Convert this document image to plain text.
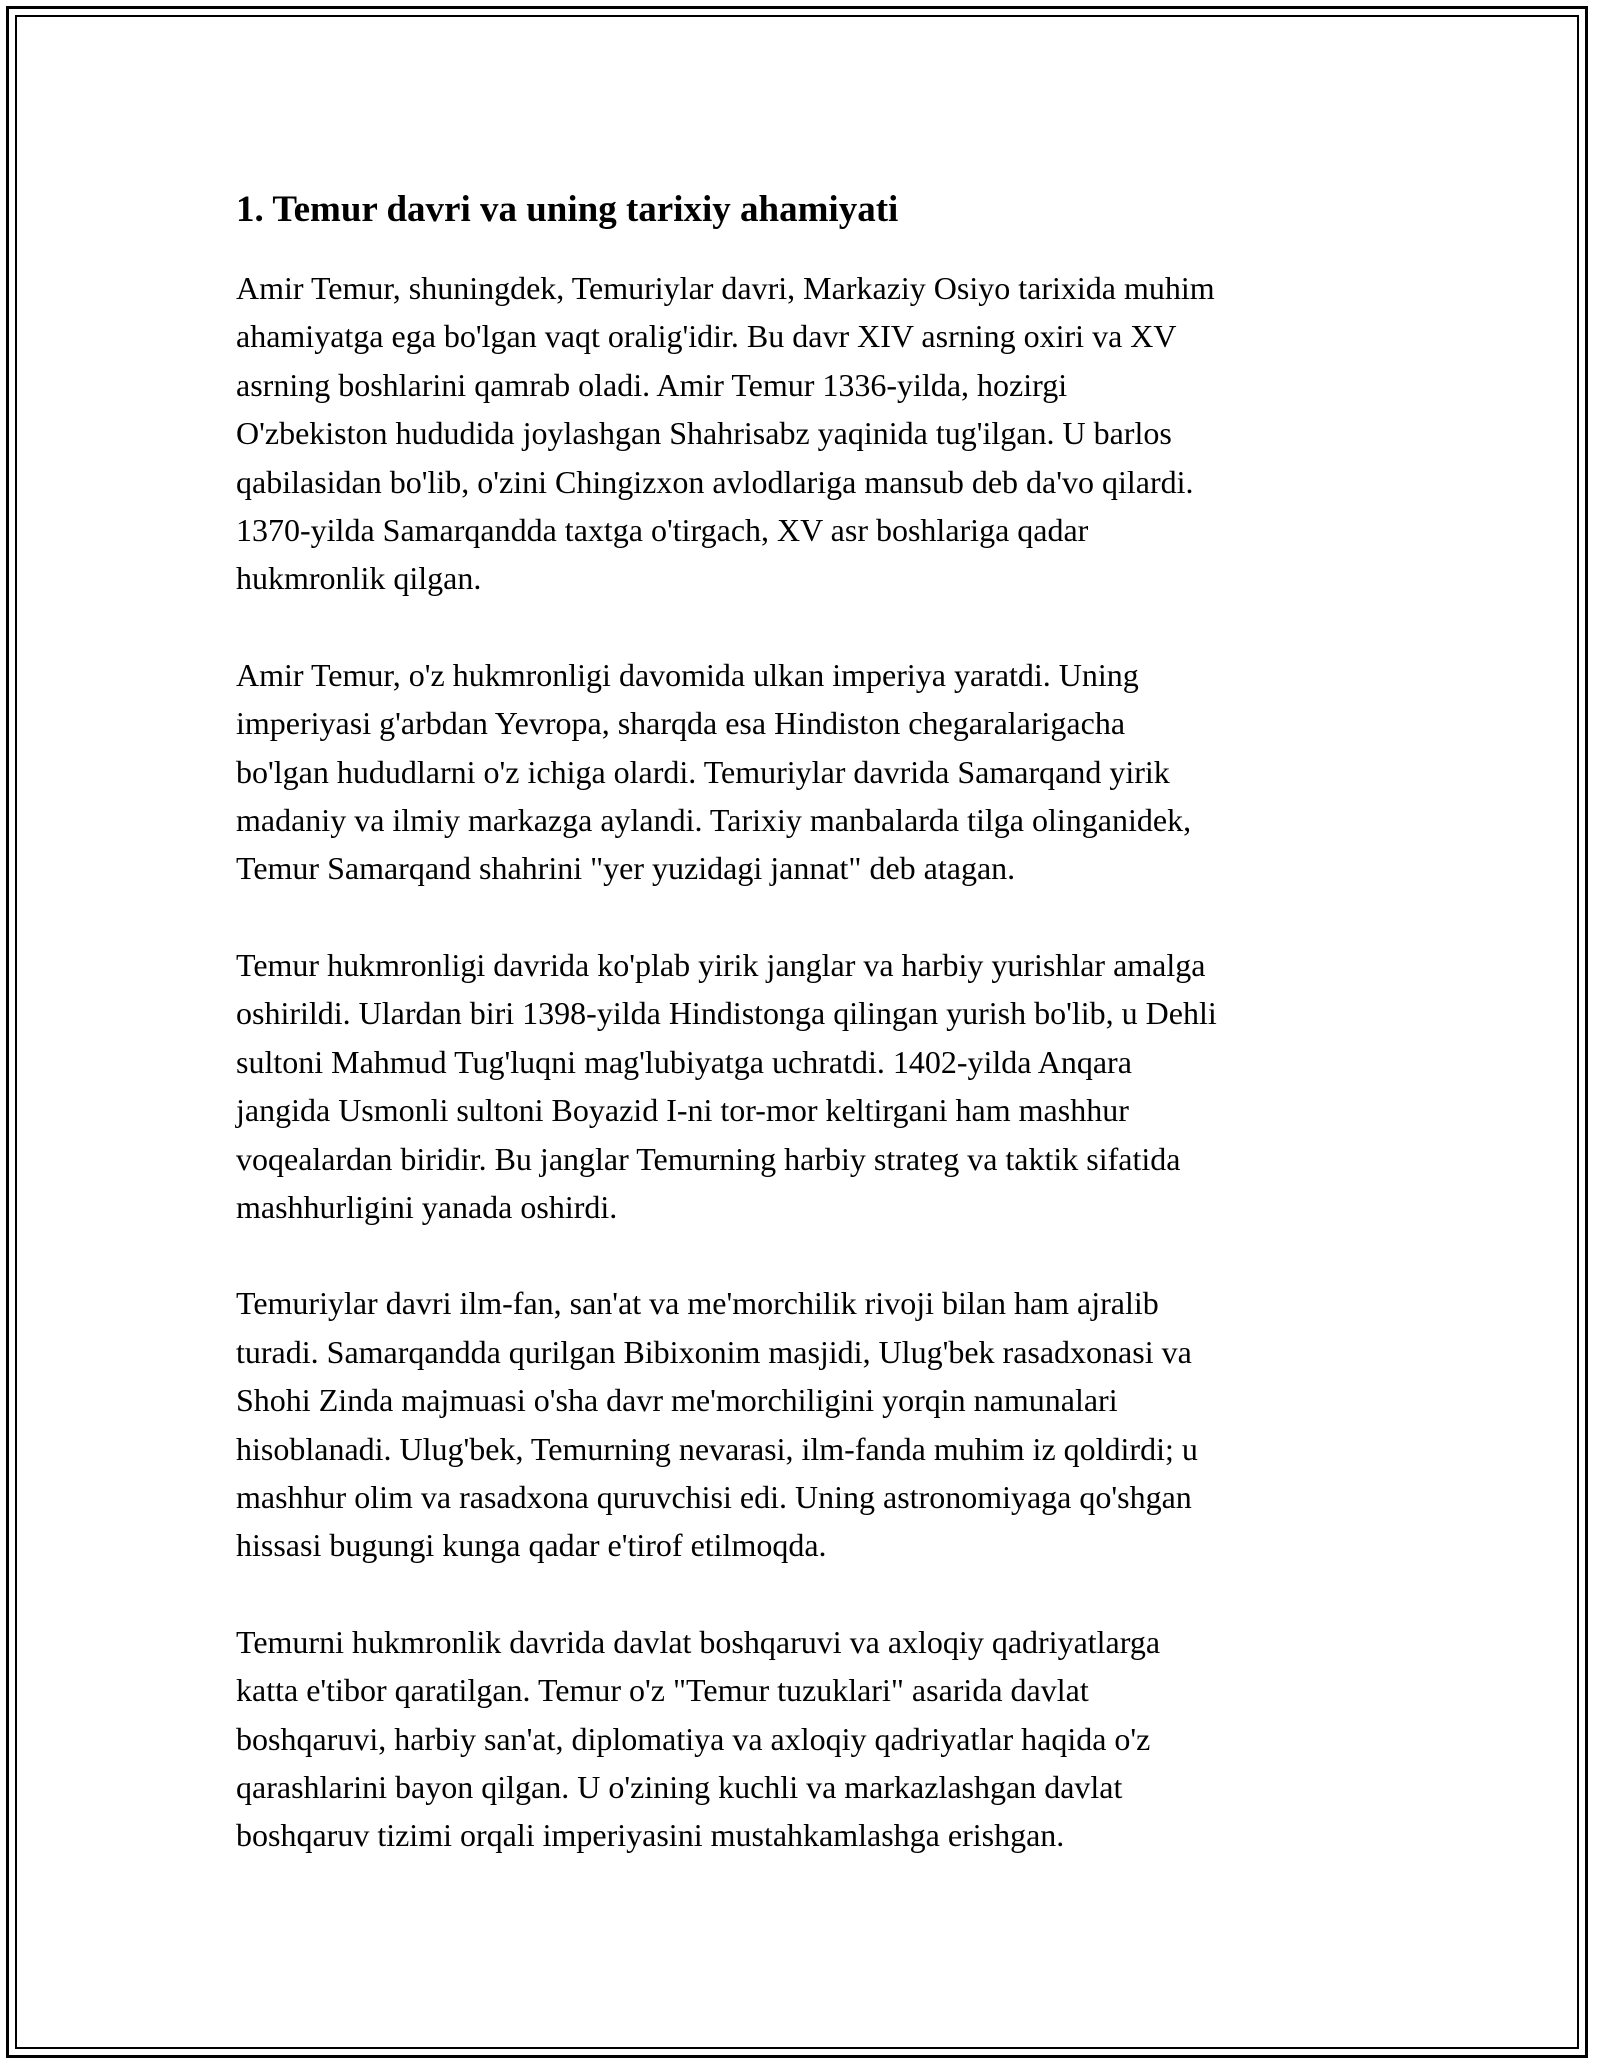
1. Temur davri va uning tarixiy ahamiyati

Amir Temur, shuningdek, Temuriylar davri, Markaziy Osiyo tarixida muhim
ahamiyatga ega bo'lgan vaqt oralig'idir. Bu davr XIV asrning oxiri va XV
asrning boshlarini qamrab oladi. Amir Temur 1336-yilda, hozirgi
O'zbekiston hududida joylashgan Shahrisabz yaqinida tug'ilgan. U barlos
qabilasidan bo'lib, o'zini Chingizxon avlodlariga mansub deb da'vo qilardi.
1370-yilda Samarqandda taxtga o'tirgach, XV asr boshlariga qadar
hukmronlik qilgan.

Amir Temur, o'z hukmronligi davomida ulkan imperiya yaratdi. Uning
imperiyasi g'arbdan Yevropa, sharqda esa Hindiston chegaralarigacha
bo'lgan hududlarni o'z ichiga olardi. Temuriylar davrida Samarqand yirik
madaniy va ilmiy markazga aylandi. Tarixiy manbalarda tilga olinganidek,
Temur Samarqand shahrini "yer yuzidagi jannat" deb atagan.

Temur hukmronligi davrida ko'plab yirik janglar va harbiy yurishlar amalga
oshirildi. Ulardan biri 1398-yilda Hindistonga qilingan yurish bo'lib, u Dehli
sultoni Mahmud Tug'luqni mag'lubiyatga uchratdi. 1402-yilda Anqara
jangida Usmonli sultoni Boyazid I-ni tor-mor keltirgani ham mashhur
voqealardan biridir. Bu janglar Temurning harbiy strateg va taktik sifatida
mashhurligini yanada oshirdi.

Temuriylar davri ilm-fan, san'at va me'morchilik rivoji bilan ham ajralib
turadi. Samarqandda qurilgan Bibixonim masjidi, Ulug'bek rasadxonasi va
Shohi Zinda majmuasi o'sha davr me'morchiligini yorqin namunalari
hisoblanadi. Ulug'bek, Temurning nevarasi, ilm-fanda muhim iz qoldirdi; u
mashhur olim va rasadxona quruvchisi edi. Uning astronomiyaga qo'shgan
hissasi bugungi kunga qadar e'tirof etilmoqda.

Temurni hukmronlik davrida davlat boshqaruvi va axloqiy qadriyatlarga
katta e'tibor qaratilgan. Temur o'z "Temur tuzuklari" asarida davlat
boshqaruvi, harbiy san'at, diplomatiya va axloqiy qadriyatlar haqida o'z
qarashlarini bayon qilgan. U o'zining kuchli va markazlashgan davlat
boshqaruv tizimi orqali imperiyasini mustahkamlashga erishgan.
